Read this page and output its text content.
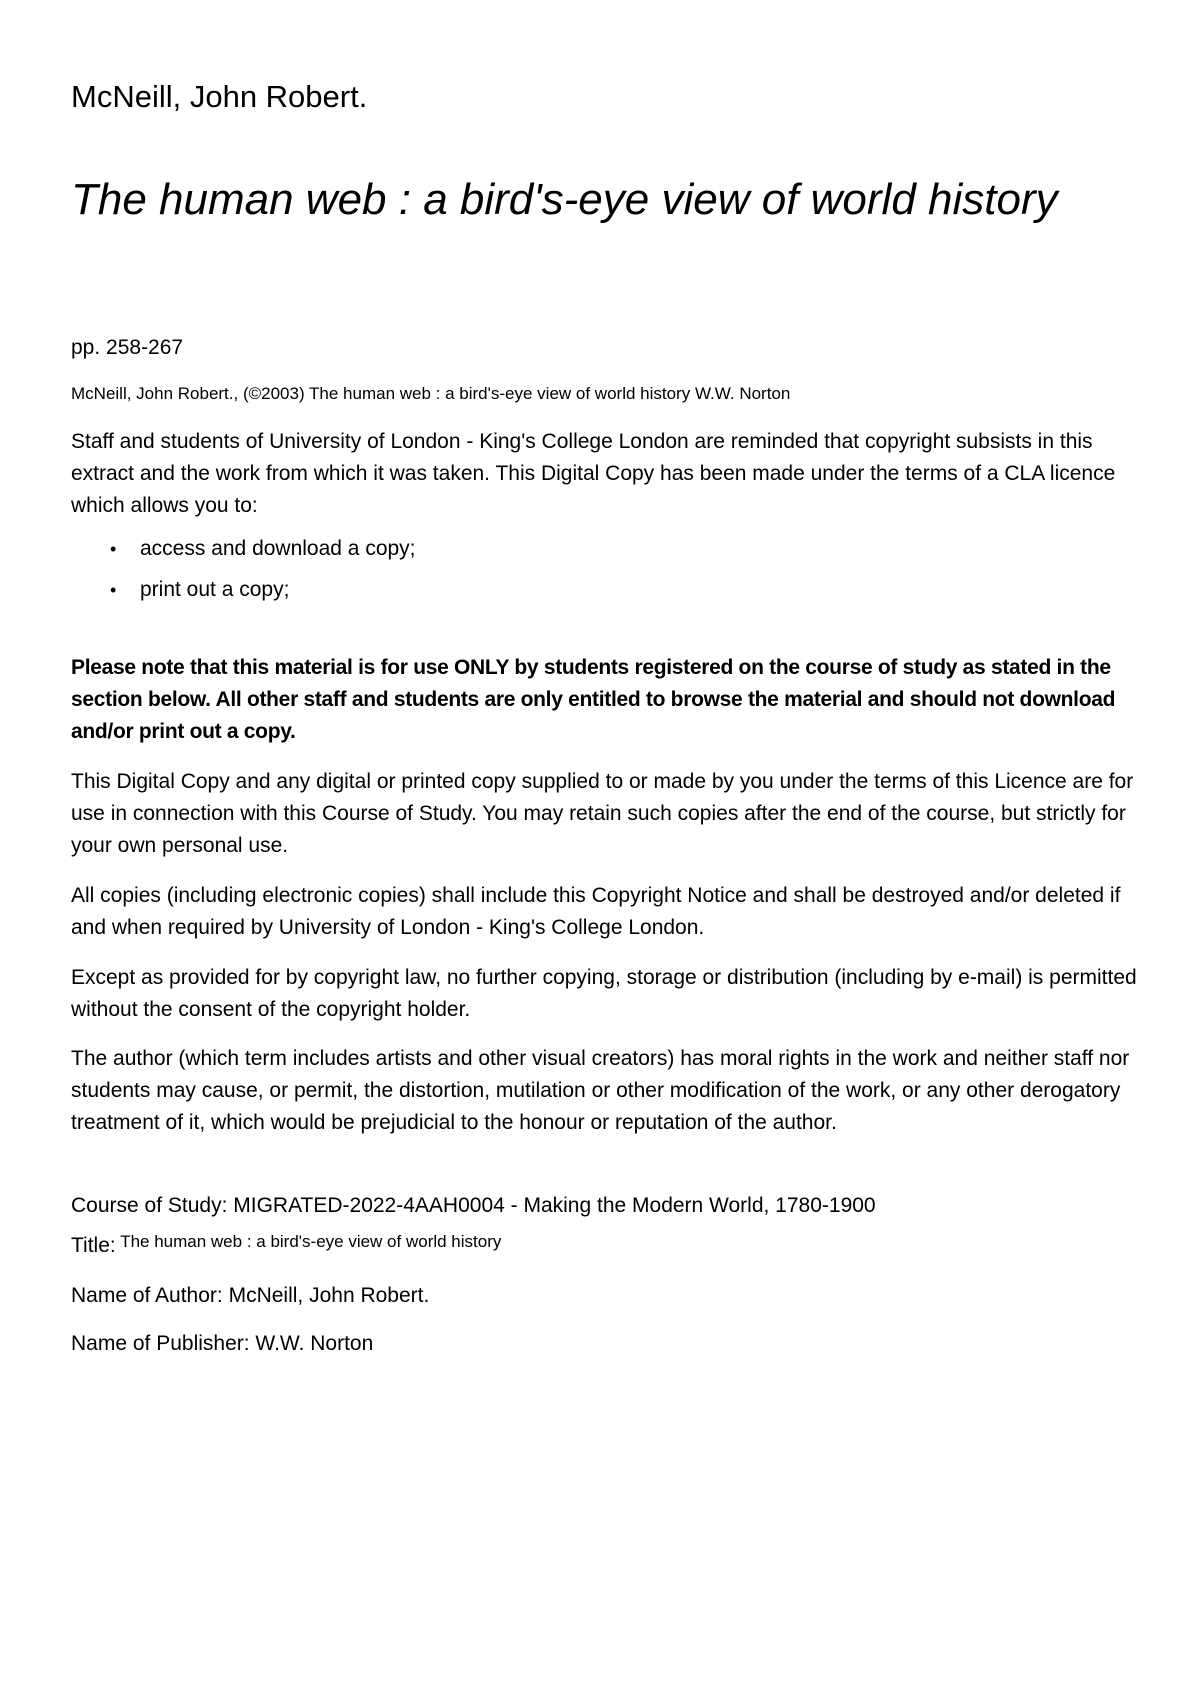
McNeill, John Robert.
The human web : a bird's-eye view of world history

pp. 258-267

McNeill, John Robert., (©2003) The human web : a bird's-eye view of world history W.W. Norton

Staff and students of University of London - King's College London are reminded that copyright subsists in this extract and the work from which it was taken. This Digital Copy has been made under the terms of a CLA licence which allows you to:

• access and download a copy;
• print out a copy;

Please note that this material is for use ONLY by students registered on the course of study as stated in the section below. All other staff and students are only entitled to browse the material and should not download and/or print out a copy.

This Digital Copy and any digital or printed copy supplied to or made by you under the terms of this Licence are for use in connection with this Course of Study. You may retain such copies after the end of the course, but strictly for your own personal use.

All copies (including electronic copies) shall include this Copyright Notice and shall be destroyed and/or deleted if and when required by University of London - King's College London.

Except as provided for by copyright law, no further copying, storage or distribution (including by e-mail) is permitted without the consent of the copyright holder.

The author (which term includes artists and other visual creators) has moral rights in the work and neither staff nor students may cause, or permit, the distortion, mutilation or other modification of the work, or any other derogatory treatment of it, which would be prejudicial to the honour or reputation of the author.

Course of Study: MIGRATED-2022-4AAH0004 - Making the Modern World, 1780-1900

Title: The human web : a bird's-eye view of world history

Name of Author: McNeill, John Robert.

Name of Publisher: W.W. Norton
